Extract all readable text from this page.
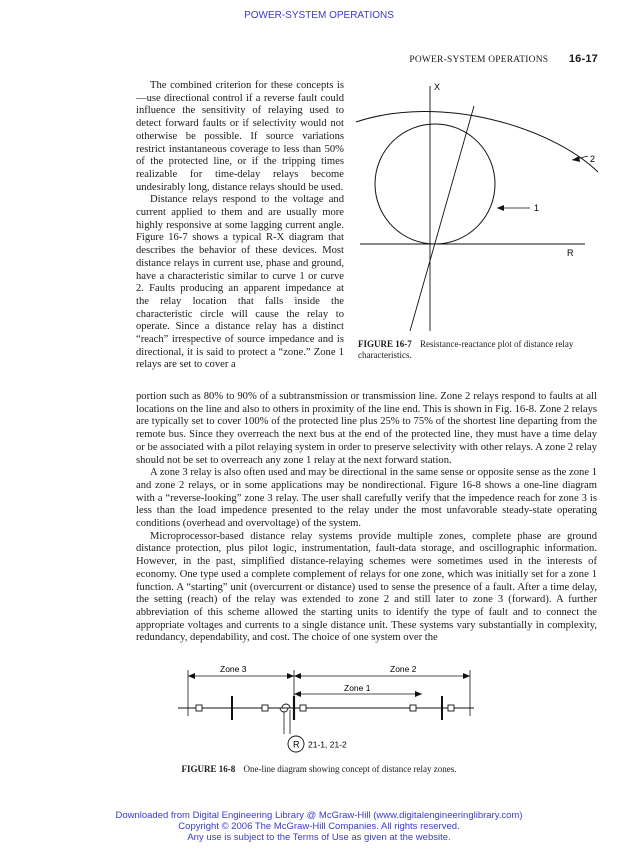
POWER-SYSTEM OPERATIONS
POWER-SYSTEM OPERATIONS 16-17

The combined criterion for these concepts is—use directional control if a reverse fault could influence the sensitivity of relaying used to detect forward faults or if selectivity would not otherwise be possible. If source variations restrict instantaneous coverage to less than 50% of the protected line, or if the tripping times realizable for time-delay relays become undesirably long, distance relays should be used.

Distance relays respond to the voltage and current applied to them and are usually more highly responsive at some lagging current angle. Figure 16-7 shows a typical R-X diagram that describes the behavior of these devices. Most distance relays in current use, phase and ground, have a characteristic similar to curve 1 or curve 2. Faults producing an apparent impedance at the relay location that falls inside the characteristic circle will cause the relay to operate. Since a distance relay has a distinct “reach” irrespective of source impedance and is directional, it is said to protect a “zone.” Zone 1 relays are set to cover a

X
R
1
2
FIGURE 16-7 Resistance-reactance plot of distance relay characteristics.

portion such as 80% to 90% of a subtransmission or transmission line. Zone 2 relays respond to faults at all locations on the line and also to others in proximity of the line end. This is shown in Fig. 16-8. Zone 2 relays are typically set to cover 100% of the protected line plus 25% to 75% of the shortest line departing from the remote bus. Since they overreach the next bus at the end of the protected line, they must have a time delay or be associated with a pilot relaying system in order to preserve selectivity with other relays. A zone 2 relay should not be set to overreach any zone 1 relay at the next forward station.

A zone 3 relay is also often used and may be directional in the same sense or opposite sense as the zone 1 and zone 2 relays, or in some applications may be nondirectional. Figure 16-8 shows a one-line diagram with a “reverse-looking” zone 3 relay. The user shall carefully verify that the impedence reach for zone 3 is less than the load impedence presented to the relay under the most unfavorable steady-state operating conditions (overhead and overvoltage) of the system.

Microprocessor-based distance relay systems provide multiple zones, complete phase are ground distance protection, plus pilot logic, instrumentation, fault-data storage, and oscillographic information. However, in the past, simplified distance-relaying schemes were sometimes used in the interests of economy. One type used a complete complement of relays for one zone, which was initially set for a zone 1 function. A “starting” unit (overcurrent or distance) used to sense the presence of a fault. After a time delay, the setting (reach) of the relay was extended to zone 2 and still later to zone 3 (forward). A further abbreviation of this scheme allowed the starting units to identify the type of fault and to connect the appropriate voltages and currents to a single distance unit. These systems vary substantially in complexity, redundancy, dependability, and cost. The choice of one system over the

Zone 3	Zone 2
Zone 1
R 21-1, 21-2
FIGURE 16-8 One-line diagram showing concept of distance relay zones.
Downloaded from Digital Engineering Library @ McGraw-Hill (www.digitalengineeringlibrary.com)
Copyright © 2006 The McGraw-Hill Companies. All rights reserved.
Any use is subject to the Terms of Use as given at the website.
